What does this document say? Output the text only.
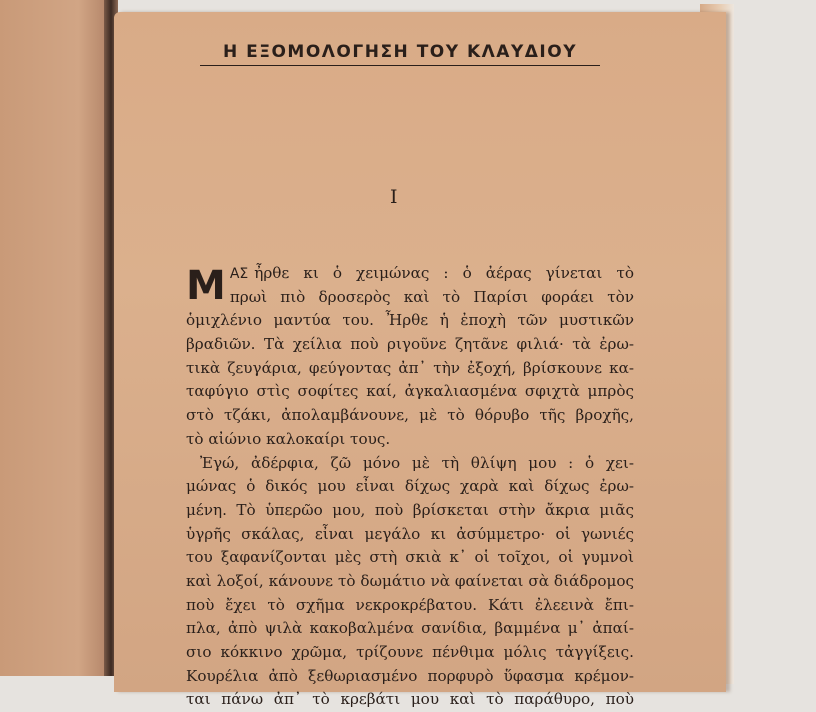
Η ΕΞΟΜΟΛΟΓΗΣΗ ΤΟΥ ΚΛΑΥΔΙΟΥ
I
Μ ΑΣ ἦρθε κι ὁ χειμώνας : ὁ ἀέρας γίνεται τὸ
πρωὶ πιὸ δροσερὸς καὶ τὸ Παρίσι φοράει τὸν
ὁμιχλένιο μαντύα του. Ἦρθε ἡ ἐποχὴ τῶν μυστικῶν
βραδιῶν. Τὰ χείλια ποὺ ριγοῦνε ζητᾶνε φιλιά· τὰ ἐρω-
τικὰ ζευγάρια, φεύγοντας ἀπ᾿ τὴν ἐξοχή, βρίσκουνε κα-
ταφύγιο στὶς σοφίτες καί, ἀγκαλιασμένα σφιχτὰ μπρὸς
στὸ τζάκι, ἀπολαμβάνουνε, μὲ τὸ θόρυβο τῆς βροχῆς,
τὸ αἰώνιο καλοκαίρι τους.
Ἐγώ, ἀδέρφια, ζῶ μόνο μὲ τὴ θλίψη μου : ὁ χει-
μώνας ὁ δικός μου εἶναι δίχως χαρὰ καὶ δίχως ἐρω-
μένη. Τὸ ὑπερῶο μου, ποὺ βρίσκεται στὴν ἄκρια μιᾶς
ὑγρῆς σκάλας, εἶναι μεγάλο κι ἀσύμμετρο· οἱ γωνιές
του ξαφανίζονται μὲς στὴ σκιὰ κ᾿ οἱ τοῖχοι, οἱ γυμνοὶ
καὶ λοξοί, κάνουνε τὸ δωμάτιο νὰ φαίνεται σὰ διάδρομος
ποὺ ἔχει τὸ σχῆμα νεκροκρέβατου. Κάτι ἐλεεινὰ ἔπι-
πλα, ἀπὸ ψιλὰ κακοβαλμένα σανίδια, βαμμένα μ᾿ ἀπαί-
σιο κόκκινο χρῶμα, τρίζουνε πένθιμα μόλις τἀγγίξεις.
Κουρέλια ἀπὸ ξεθωριασμένο πορφυρὸ ὕφασμα κρέμον-
ται πάνω ἀπ᾿ τὸ κρεβάτι μου καὶ τὸ παράθυρο, ποὺ
